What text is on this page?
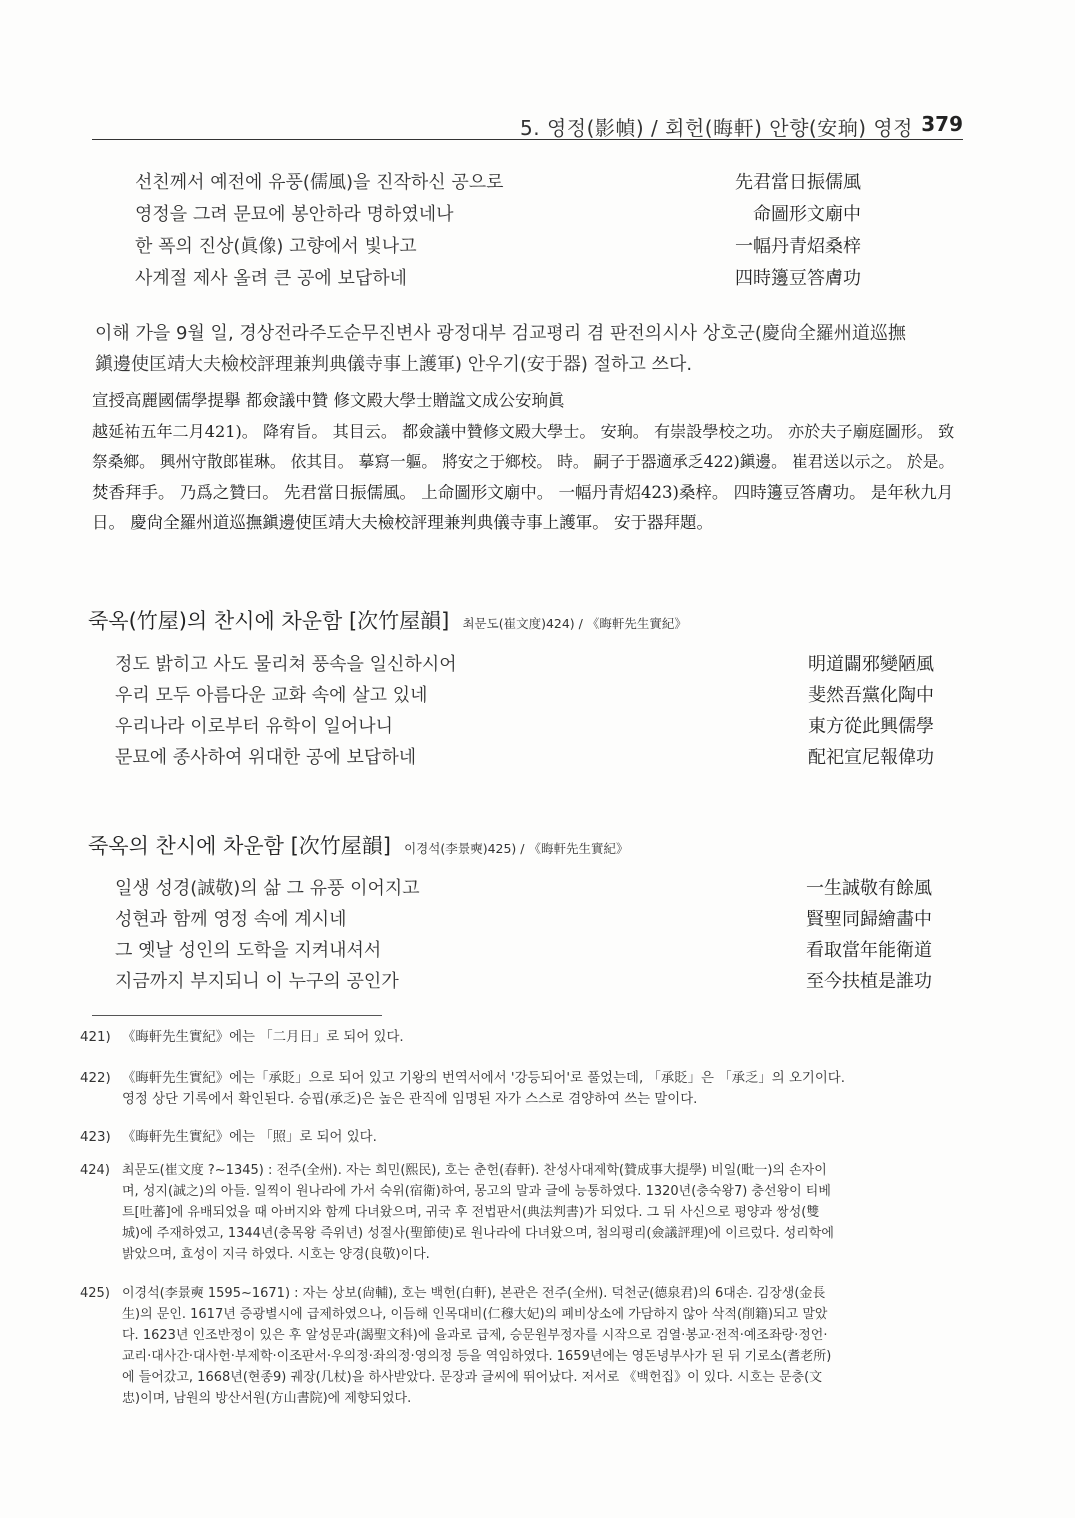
5. 영정(影幀) / 회헌(晦軒) 안향(安珦) 영정 379
선친께서 예전에 유풍(儒風)을 진작하신 공으로	先君當日振儒風
영정을 그려 문묘에 봉안하라 명하였네나	命圖形文廟中
한 폭의 진상(眞像) 고향에서 빛나고	一幅丹青炤桑梓
사계절 제사 올려 큰 공에 보답하네	四時籩豆答膚功
이해 가을 9월 일, 경상전라주도순무진변사 광정대부 검교평리 겸 판전의시사 상호군(慶尙全羅州道巡撫
鎭邊使匡靖大夫檢校評理兼判典儀寺事上護軍) 안우기(安于器) 절하고 쓰다.
宣授高麗國儒學提擧 都僉議中贊 修文殿大學士贈諡文成公安珦眞
越延祐五年二月421)。 降宥旨。 其目云。 都僉議中贊修文殿大學士。 安珦。 有崇設學校之功。 亦於夫子廟庭圖形。 致
祭桑鄉。 興州守散郎崔琳。 依其目。 摹寫一軀。 將安之于鄉校。 時。 嗣子于器適承乏422)鎭邊。 崔君送以示之。 於是。
焚香拜手。 乃爲之贊曰。 先君當日振儒風。 上命圖形文廟中。 一幅丹青炤423)桑梓。 四時籩豆答膚功。 是年秋九月
日。 慶尙全羅州道巡撫鎭邊使匡靖大夫檢校評理兼判典儀寺事上護軍。 安于器拜題。
죽옥(竹屋)의 찬시에 차운함 [次竹屋韻] 최문도(崔文度)424) / 《晦軒先生實紀》
정도 밝히고 사도 물리쳐 풍속을 일신하시어	明道闢邪變陋風
우리 모두 아름다운 교화 속에 살고 있네	斐然吾黨化陶中
우리나라 이로부터 유학이 일어나니	東方從此興儒學
문묘에 종사하여 위대한 공에 보답하네	配祀宣尼報偉功
죽옥의 찬시에 차운함 [次竹屋韻] 이경석(李景奭)425) / 《晦軒先生實紀》
일생 성경(誠敬)의 삶 그 유풍 이어지고	一生誠敬有餘風
성현과 함께 영정 속에 계시네	賢聖同歸繪畵中
그 옛날 성인의 도학을 지켜내셔서	看取當年能衛道
지금까지 부지되니 이 누구의 공인가	至今扶植是誰功
421) 《晦軒先生實紀》에는 「二月日」로 되어 있다.
422) 《晦軒先生實紀》에는「承貶」으로 되어 있고 기왕의 번역서에서 '강등되어'로 풀었는데, 「承貶」은 「承乏」의 오기이다.
영정 상단 기록에서 확인된다. 승핍(承乏)은 높은 관직에 임명된 자가 스스로 겸양하여 쓰는 말이다.
423) 《晦軒先生實紀》에는 「照」로 되어 있다.
424) 최문도(崔文度 ?~1345) : 전주(全州). 자는 희민(熙民), 호는 춘헌(春軒). 찬성사대제학(贊成事大提學) 비일(毗一)의 손자이
며, 성지(誠之)의 아들. 일찍이 원나라에 가서 숙위(宿衛)하여, 몽고의 말과 글에 능통하였다. 1320년(충숙왕7) 충선왕이 티베
트[吐蕃]에 유배되었을 때 아버지와 함께 다녀왔으며, 귀국 후 전법판서(典法判書)가 되었다. 그 뒤 사신으로 평양과 쌍성(雙
城)에 주재하였고, 1344년(충목왕 즉위년) 성절사(聖節使)로 원나라에 다녀왔으며, 첨의평리(僉議評理)에 이르렀다. 성리학에
밝았으며, 효성이 지극 하였다. 시호는 양경(良敬)이다.
425) 이경석(李景奭 1595~1671) : 자는 상보(尙輔), 호는 백헌(白軒), 본관은 전주(全州). 덕천군(德泉君)의 6대손. 김장생(金長
生)의 문인. 1617년 증광별시에 급제하였으나, 이듬해 인목대비(仁穆大妃)의 폐비상소에 가담하지 않아 삭적(削籍)되고 말았
다. 1623년 인조반정이 있은 후 알성문과(謁聖文科)에 을과로 급제, 승문원부정자를 시작으로 검열·봉교·전적·예조좌랑·정언·
교리·대사간·대사헌·부제학·이조판서·우의정·좌의정·영의정 등을 역임하였다. 1659년에는 영돈녕부사가 된 뒤 기로소(耆老所)
에 들어갔고, 1668년(현종9) 궤장(几杖)을 하사받았다. 문장과 글씨에 뛰어났다. 저서로 《백헌집》이 있다. 시호는 문충(文
忠)이며, 남원의 방산서원(方山書院)에 제향되었다.
